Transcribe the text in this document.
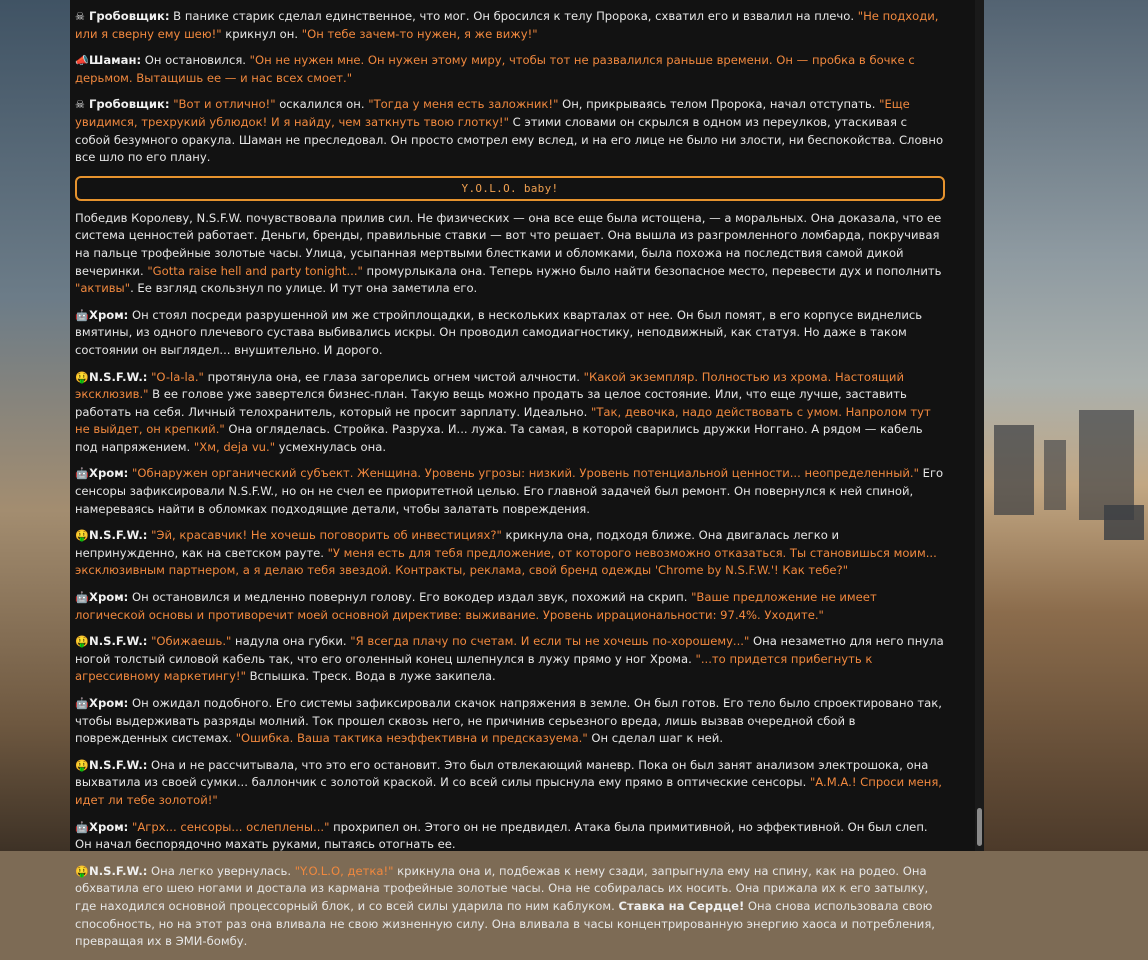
☠ Гробовщик: В панике старик сделал единственное, что мог. Он бросился к телу Пророка, схватил его и взвалил на плечо. "Не подходи, или я сверну ему шею!" крикнул он. "Он тебе зачем-то нужен, я же вижу!"

📣Шаман: Он остановился. "Он не нужен мне. Он нужен этому миру, чтобы тот не развалился раньше времени. Он — пробка в бочке с дерьмом. Вытащишь ее — и нас всех смоет."

☠ Гробовщик: "Вот и отлично!" оскалился он. "Тогда у меня есть заложник!" Он, прикрываясь телом Пророка, начал отступать. "Еще увидимся, трехрукий ублюдок! И я найду, чем заткнуть твою глотку!" С этими словами он скрылся в одном из переулков, утаскивая с собой безумного оракула. Шаман не преследовал. Он просто смотрел ему вслед, и на его лице не было ни злости, ни беспокойства. Словно все шло по его плану.

Y.O.L.O. baby!

Победив Королеву, N.S.F.W. почувствовала прилив сил. Не физических — она все еще была истощена, — а моральных. Она доказала, что ее система ценностей работает. Деньги, бренды, правильные ставки — вот что решает. Она вышла из разгромленного ломбарда, покручивая на пальце трофейные золотые часы. Улица, усыпанная мертвыми блестками и обломками, была похожа на последствия самой дикой вечеринки. "Gotta raise hell and party tonight..." промурлыкала она. Теперь нужно было найти безопасное место, перевести дух и пополнить "активы". Ее взгляд скользнул по улице. И тут она заметила его.

🤖Хром: Он стоял посреди разрушенной им же стройплощадки, в нескольких кварталах от нее. Он был помят, в его корпусе виднелись вмятины, из одного плечевого сустава выбивались искры. Он проводил самодиагностику, неподвижный, как статуя. Но даже в таком состоянии он выглядел... внушительно. И дорого.

🤑N.S.F.W.: "O-la-la." протянула она, ее глаза загорелись огнем чистой алчности. "Какой экземпляр. Полностью из хрома. Настоящий эксклюзив." В ее голове уже завертелся бизнес-план. Такую вещь можно продать за целое состояние. Или, что еще лучше, заставить работать на себя. Личный телохранитель, который не просит зарплату. Идеально. "Так, девочка, надо действовать с умом. Напролом тут не выйдет, он крепкий." Она огляделась. Стройка. Разруха. И... лужа. Та самая, в которой сварились дружки Ноггано. А рядом — кабель под напряжением. "Хм, deja vu." усмехнулась она.

🤖Хром: "Обнаружен органический субъект. Женщина. Уровень угрозы: низкий. Уровень потенциальной ценности... неопределенный." Его сенсоры зафиксировали N.S.F.W., но он не счел ее приоритетной целью. Его главной задачей был ремонт. Он повернулся к ней спиной, намереваясь найти в обломках подходящие детали, чтобы залатать повреждения.

🤑N.S.F.W.: "Эй, красавчик! Не хочешь поговорить об инвестициях?" крикнула она, подходя ближе. Она двигалась легко и непринужденно, как на светском рауте. "У меня есть для тебя предложение, от которого невозможно отказаться. Ты становишься моим... эксклюзивным партнером, а я делаю тебя звездой. Контракты, реклама, свой бренд одежды 'Chrome by N.S.F.W.'! Как тебе?"

🤖Хром: Он остановился и медленно повернул голову. Его вокодер издал звук, похожий на скрип. "Ваше предложение не имеет логической основы и противоречит моей основной директиве: выживание. Уровень иррациональности: 97.4%. Уходите."

🤑N.S.F.W.: "Обижаешь." надула она губки. "Я всегда плачу по счетам. И если ты не хочешь по-хорошему..." Она незаметно для него пнула ногой толстый силовой кабель так, что его оголенный конец шлепнулся в лужу прямо у ног Хрома. "...то придется прибегнуть к агрессивному маркетингу!" Вспышка. Треск. Вода в луже закипела.

🤖Хром: Он ожидал подобного. Его системы зафиксировали скачок напряжения в земле. Он был готов. Его тело было спроектировано так, чтобы выдерживать разряды молний. Ток прошел сквозь него, не причинив серьезного вреда, лишь вызвав очередной сбой в поврежденных системах. "Ошибка. Ваша тактика неэффективна и предсказуема." Он сделал шаг к ней.

🤑N.S.F.W.: Она и не рассчитывала, что это его остановит. Это был отвлекающий маневр. Пока он был занят анализом электрошока, она выхватила из своей сумки... баллончик с золотой краской. И со всей силы прыснула ему прямо в оптические сенсоры. "A.M.A.! Спроси меня, идет ли тебе золотой!"

🤖Хром: "Агрх... сенсоры... ослеплены..." прохрипел он. Этого он не предвидел. Атака была примитивной, но эффективной. Он был слеп. Он начал беспорядочно махать руками, пытаясь отогнать ее.

🤑N.S.F.W.: Она легко увернулась. "Y.O.L.O, детка!" крикнула она и, подбежав к нему сзади, запрыгнула ему на спину, как на родео. Она обхватила его шею ногами и достала из кармана трофейные золотые часы. Она не собиралась их носить. Она прижала их к его затылку, где находился основной процессорный блок, и со всей силы ударила по ним каблуком. Ставка на Сердце! Она снова использовала свою способность, но на этот раз она вливала не свою жизненную силу. Она вливала в часы концентрированную энергию хаоса и потребления, превращая их в ЭМИ-бомбу.
